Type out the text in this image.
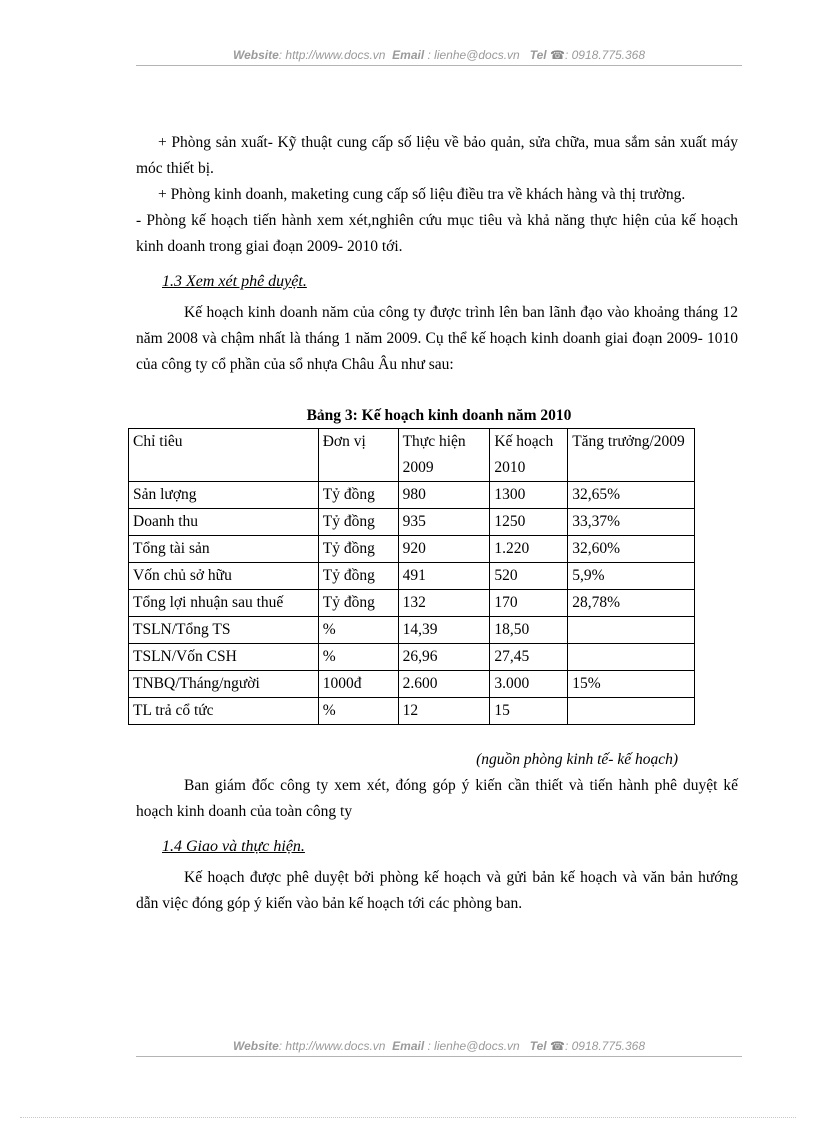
Website: http://www.docs.vn Email : lienhe@docs.vn Tel ☎: 0918.775.368

+ Phòng sản xuất- Kỹ thuật cung cấp số liệu về bảo quản, sửa chữa, mua sắm sản xuất máy móc thiết bị.

+ Phòng kinh doanh, maketing cung cấp số liệu điều tra về khách hàng và thị trường.

- Phòng kế hoạch tiến hành xem xét,nghiên cứu mục tiêu và khả năng thực hiện của kế hoạch kinh doanh trong giai đoạn 2009- 2010 tới.

1.3 Xem xét phê duyệt.

Kế hoạch kinh doanh năm của công ty được trình lên ban lãnh đạo vào khoảng tháng 12 năm 2008 và chậm nhất là tháng 1 năm 2009. Cụ thể kế hoạch kinh doanh giai đoạn 2009- 1010 của công ty cổ phần của sổ nhựa Châu Âu như sau:

Bảng 3: Kế hoạch kinh doanh năm 2010

Chỉ tiêu	Đơn vị	Thực hiện 2009	Kế hoạch 2010	Tăng trưởng/2009
Sản lượng	Tỷ đồng	980	1300	32,65%
Doanh thu	Tỷ đồng	935	1250	33,37%
Tổng tài sản	Tỷ đồng	920	1.220	32,60%
Vốn chủ sở hữu	Tỷ đồng	491	520	5,9%
Tổng lợi nhuận sau thuế	Tỷ đồng	132	170	28,78%
TSLN/Tổng TS	%	14,39	18,50	
TSLN/Vốn CSH	%	26,96	27,45	
TNBQ/Tháng/người	1000đ	2.600	3.000	15%
TL trả cổ tức	%	12	15	

(nguồn phòng kinh tế- kế hoạch)

Ban giám đốc công ty xem xét, đóng góp ý kiến cần thiết và tiến hành phê duyệt kế hoạch kinh doanh của toàn công ty

1.4 Giao và thực hiện.

Kế hoạch được phê duyệt bởi phòng kế hoạch và gửi bản kế hoạch và văn bản hướng dẫn việc đóng góp ý kiến vào bản kế hoạch tới các phòng ban.

Website: http://www.docs.vn Email : lienhe@docs.vn Tel ☎: 0918.775.368
